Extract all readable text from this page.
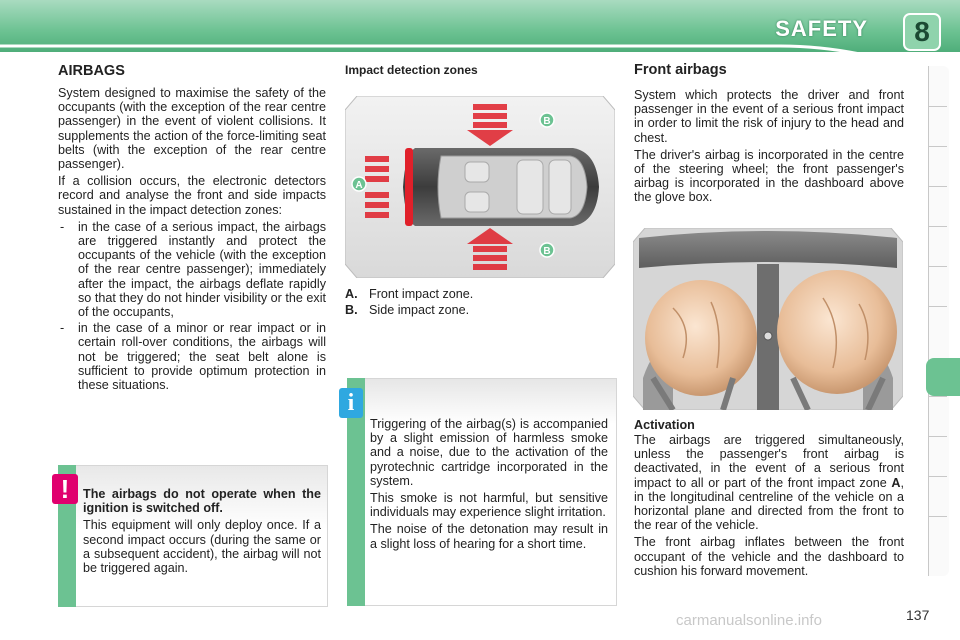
SAFETY	8
AIRBAGS

System designed to maximise the safety of the occupants (with the exception of the rear centre passenger) in the event of violent collisions. It supplements the action of the force-limiting seat belts (with the exception of the rear centre passenger).

If a collision occurs, the electronic detectors record and analyse the front and side impacts sustained in the impact detection zones:

- in the case of a serious impact, the airbags are triggered instantly and protect the occupants of the vehicle (with the exception of the rear centre passenger); immediately after the impact, the airbags deflate rapidly so that they do not hinder visibility or the exit of the occupants,
- in the case of a minor or rear impact or in certain roll-over conditions, the airbags will not be triggered; the seat belt alone is sufficient to provide optimum protection in these situations.
!	The airbags do not operate when the ignition is switched off.

This equipment will only deploy once. If a second impact occurs (during the same or a subsequent accident), the airbag will not be triggered again.

Impact detection zones
A
B
B
A. Front impact zone.
B. Side impact zone.
i

Triggering of the airbag(s) is accompanied by a slight emission of harmless smoke and a noise, due to the activation of the pyrotechnic cartridge incorporated in the system.

This smoke is not harmful, but sensitive individuals may experience slight irritation.

The noise of the detonation may result in a slight loss of hearing for a short time.

Front airbags

System which protects the driver and front passenger in the event of a serious front impact in order to limit the risk of injury to the head and chest.

The driver's airbag is incorporated in the centre of the steering wheel; the front passenger's airbag is incorporated in the dashboard above the glove box.

Activation

The airbags are triggered simultaneously, unless the passenger's front airbag is deactivated, in the event of a serious front impact to all or part of the front impact zone A, in the longitudinal centreline of the vehicle on a horizontal plane and directed from the front to the rear of the vehicle.

The front airbag inflates between the front occupant of the vehicle and the dashboard to cushion his forward movement.

carmanualsonline.info	137
